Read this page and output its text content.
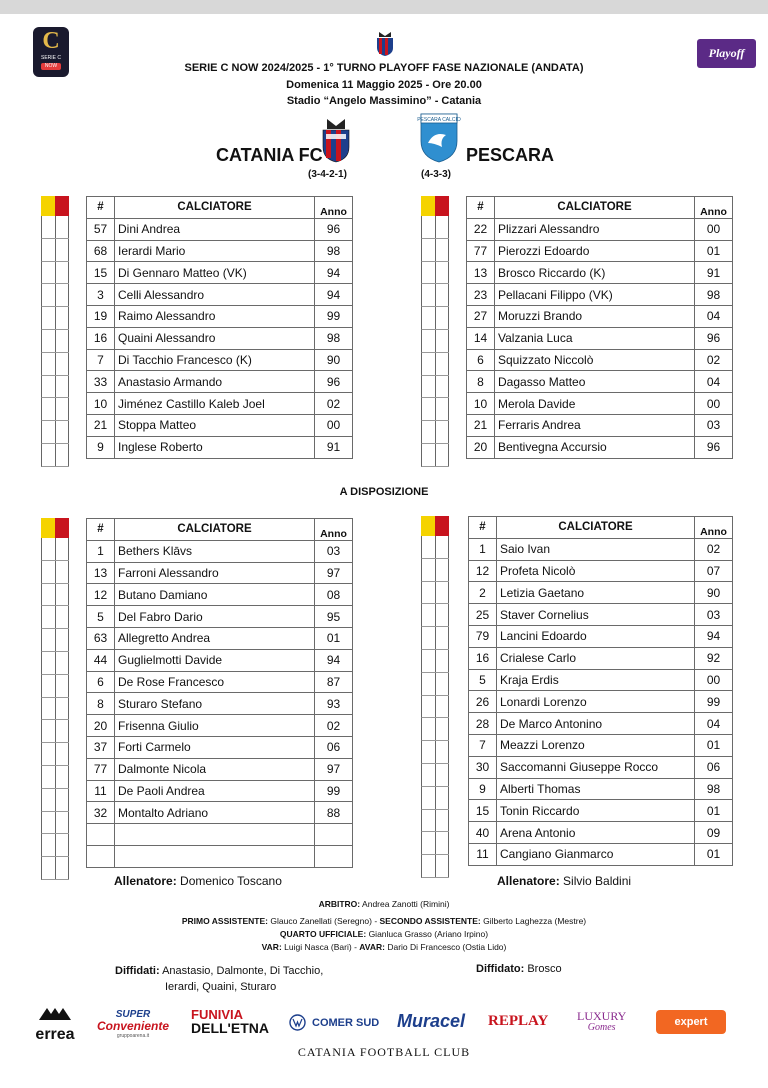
C
SERIE C
NOW
Playoff
SERIE C NOW 2024/2025 - 1° TURNO PLAYOFF FASE NAZIONALE (ANDATA)
Domenica 11 Maggio 2025 - Ore 20.00
Stadio “Angelo Massimino” - Catania
CATANIA FC
(3-4-2-1)
PESCARA CALCIO
PESCARA
(4-3-3)
#	CALCIATORE	Anno
57	Dini Andrea	96
68	Ierardi Mario	98
15	Di Gennaro Matteo (VK)	94
3	Celli Alessandro	94
19	Raimo Alessandro	99
16	Quaini Alessandro	98
7	Di Tacchio Francesco (K)	90
33	Anastasio Armando	96
10	Jiménez Castillo Kaleb Joel	02
21	Stoppa Matteo	00
9	Inglese Roberto	91
#	CALCIATORE	Anno
22	Plizzari Alessandro	00
77	Pierozzi Edoardo	01
13	Brosco Riccardo (K)	91
23	Pellacani Filippo (VK)	98
27	Moruzzi Brando	04
14	Valzania Luca	96
6	Squizzato Niccolò	02
8	Dagasso Matteo	04
10	Merola Davide	00
21	Ferraris Andrea	03
20	Bentivegna Accursio	96
A DISPOSIZIONE
#	CALCIATORE	Anno
1	Bethers Klāvs	03
13	Farroni Alessandro	97
12	Butano Damiano	08
5	Del Fabro Dario	95
63	Allegretto Andrea	01
44	Guglielmotti Davide	94
6	De Rose Francesco	87
8	Sturaro Stefano	93
20	Frisenna Giulio	02
37	Forti Carmelo	06
77	Dalmonte Nicola	97
11	De Paoli Andrea	99
32	Montalto Adriano	88

#	CALCIATORE	Anno
1	Saio Ivan	02
12	Profeta Nicolò	07
2	Letizia Gaetano	90
25	Staver Cornelius	03
79	Lancini Edoardo	94
16	Crialese Carlo	92
5	Kraja Erdis	00
26	Lonardi Lorenzo	99
28	De Marco Antonino	04
7	Meazzi Lorenzo	01
30	Saccomanni Giuseppe Rocco	06
9	Alberti Thomas	98
15	Tonin Riccardo	01
40	Arena Antonio	09
11	Cangiano Gianmarco	01
Allenatore: Domenico Toscano	Allenatore: Silvio Baldini
ARBITRO: Andrea Zanotti (Rimini)
PRIMO ASSISTENTE: Glauco Zanellati (Seregno) - SECONDO ASSISTENTE: Gilberto Laghezza (Mestre)
QUARTO UFFICIALE: Gianluca Grasso (Ariano Irpino)
VAR: Luigi Nasca (Bari) - AVAR: Dario Di Francesco (Ostia Lido)
Diffidati: Anastasio, Dalmonte, Di Tacchio,
Ierardi, Quaini, Sturaro
Diffidato: Brosco
errea
SUPER
Conveniente
gruppoarena.it
FUNIVIA
DELL'ETNA	COMER SUD Muracel REPLAY LUXURY
Gomes	expert
CATANIA FOOTBALL CLUB
